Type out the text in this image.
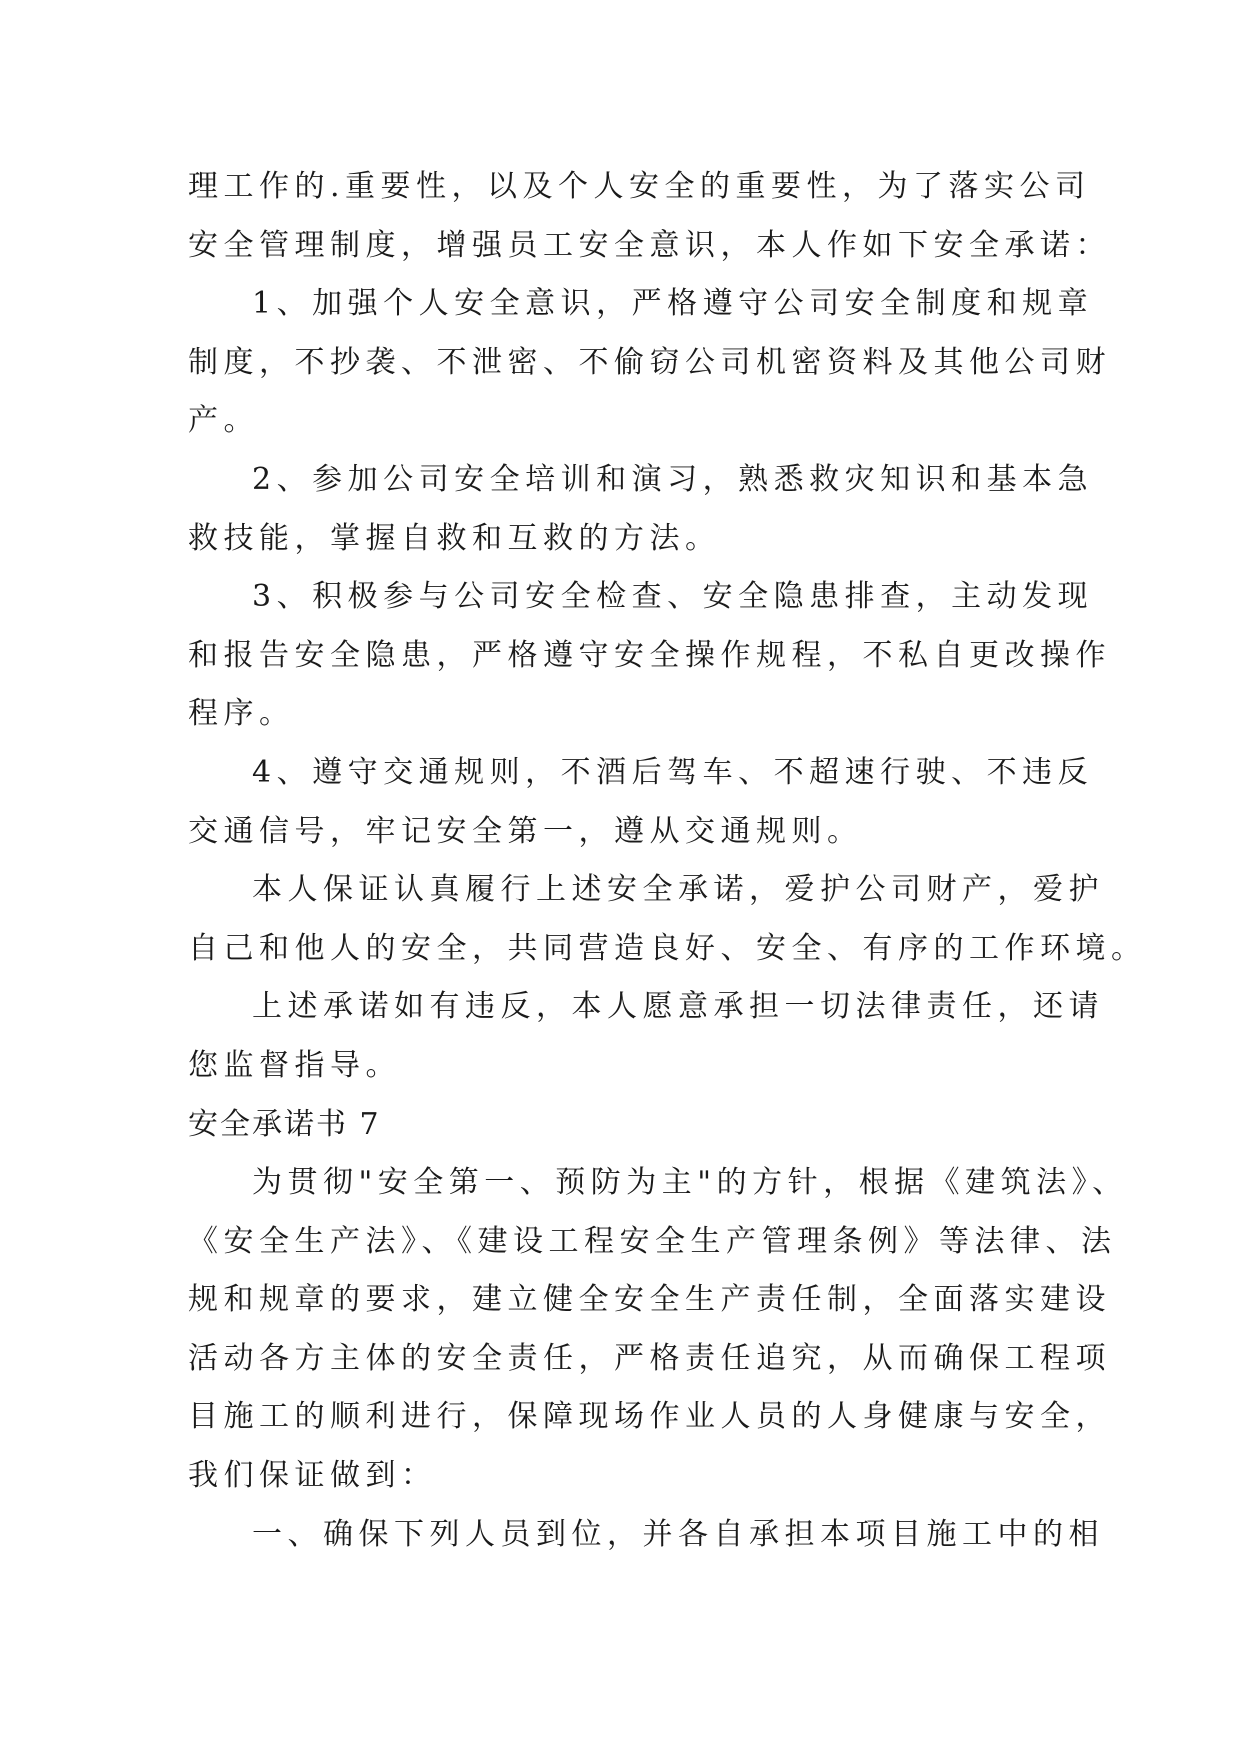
理工作的.重要性，以及个人安全的重要性，为了落实公司
安全管理制度，增强员工安全意识，本人作如下安全承诺：
1、加强个人安全意识，严格遵守公司安全制度和规章
制度，不抄袭、不泄密、不偷窃公司机密资料及其他公司财
产。
2、参加公司安全培训和演习，熟悉救灾知识和基本急
救技能，掌握自救和互救的方法。
3、积极参与公司安全检查、安全隐患排查，主动发现
和报告安全隐患，严格遵守安全操作规程，不私自更改操作
程序。
4、遵守交通规则，不酒后驾车、不超速行驶、不违反
交通信号，牢记安全第一，遵从交通规则。
本人保证认真履行上述安全承诺，爱护公司财产，爱护
自己和他人的安全，共同营造良好、安全、有序的工作环境。
上述承诺如有违反，本人愿意承担一切法律责任，还请
您监督指导。
安全承诺书 7
为贯彻"安全第一、预防为主"的方针，根据《建筑法》、
《安全生产法》、《建设工程安全生产管理条例》等法律、法
规和规章的要求，建立健全安全生产责任制，全面落实建设
活动各方主体的安全责任，严格责任追究，从而确保工程项
目施工的顺利进行，保障现场作业人员的人身健康与安全，
我们保证做到：
一、确保下列人员到位，并各自承担本项目施工中的相
